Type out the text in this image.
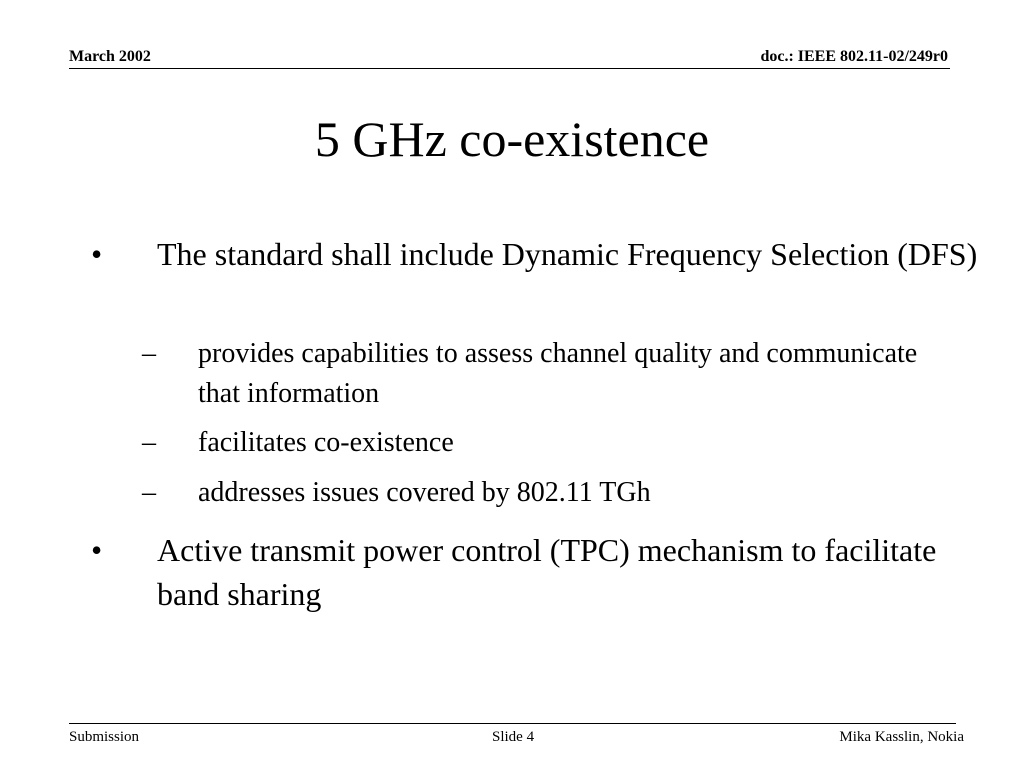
March 2002	doc.: IEEE 802.11-02/249r0
5 GHz co-existence
• The standard shall include Dynamic Frequency Selection (DFS)
– provides capabilities to assess channel quality and communicate that information
– facilitates co-existence
– addresses issues covered by 802.11 TGh
• Active transmit power control (TPC) mechanism to facilitate band sharing
Submission	Slide 4	Mika Kasslin, Nokia
